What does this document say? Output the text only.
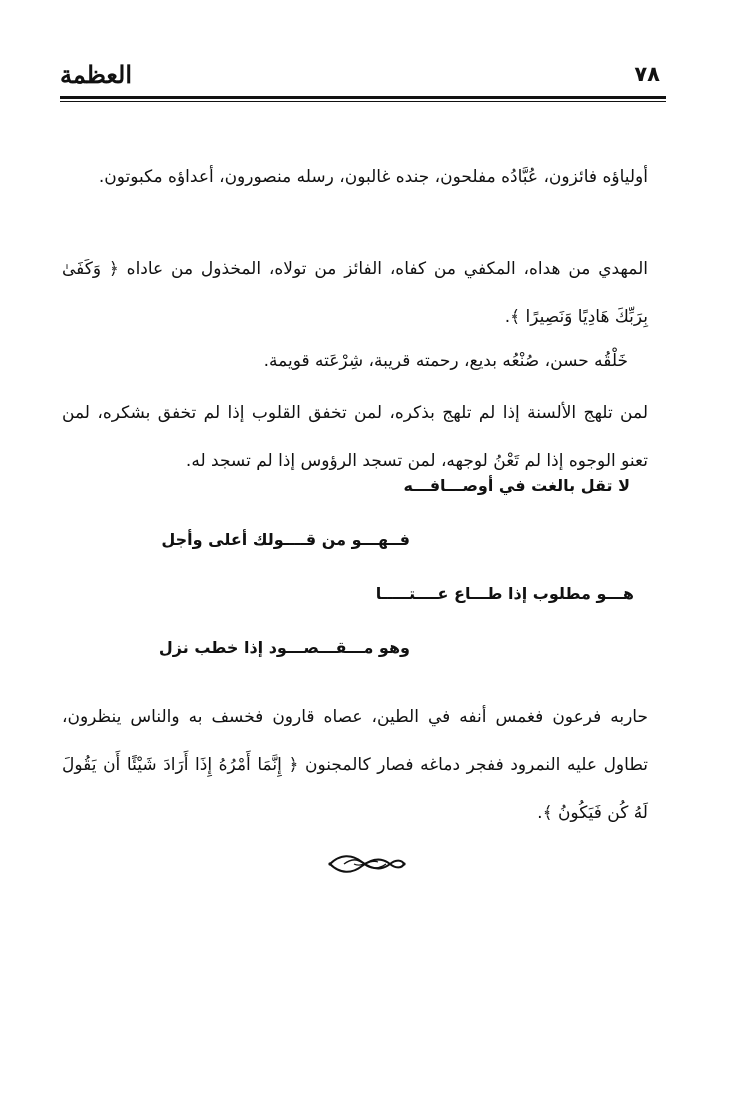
العظمة	٧٨

أولياؤه فائزون، عُبَّادُه مفلحون، جنده غالبون، رسله منصورون، أعداؤه مكبوتون.

المهدي من هداه، المكفي من كفاه، الفائز من تولاه، المخذول من عاداه ﴿ وَكَفَىٰ بِرَبِّكَ هَادِيًا وَنَصِيرًا ﴾.

خَلْقُه حسن، صُنْعُه بديع، رحمته قريبة، شِرْعَته قويمة.

لمن تلهج الألسنة إذا لم تلهج بذكره، لمن تخفق القلوب إذا لم تخفق بشكره، لمن تعنو الوجوه إذا لم تَعْنُ لوجهه، لمن تسجد الرؤوس إذا لم تسجد له.

لا تقل بالغت في أوصـــافـــه
فــهـــو من قــــولك أعلى وأجل
هـــو مطلوب إذا طـــاع عــــتـــــا
وهو مـــقـــصـــود إذا خطب نزل

حاربه فرعون فغمس أنفه في الطين، عصاه قارون فخسف به والناس ينظرون، تطاول عليه النمرود ففجر دماغه فصار كالمجنون ﴿ إِنَّمَا أَمْرُهُ إِذَا أَرَادَ شَيْئًا أَن يَقُولَ لَهُ كُن فَيَكُونُ ﴾.
